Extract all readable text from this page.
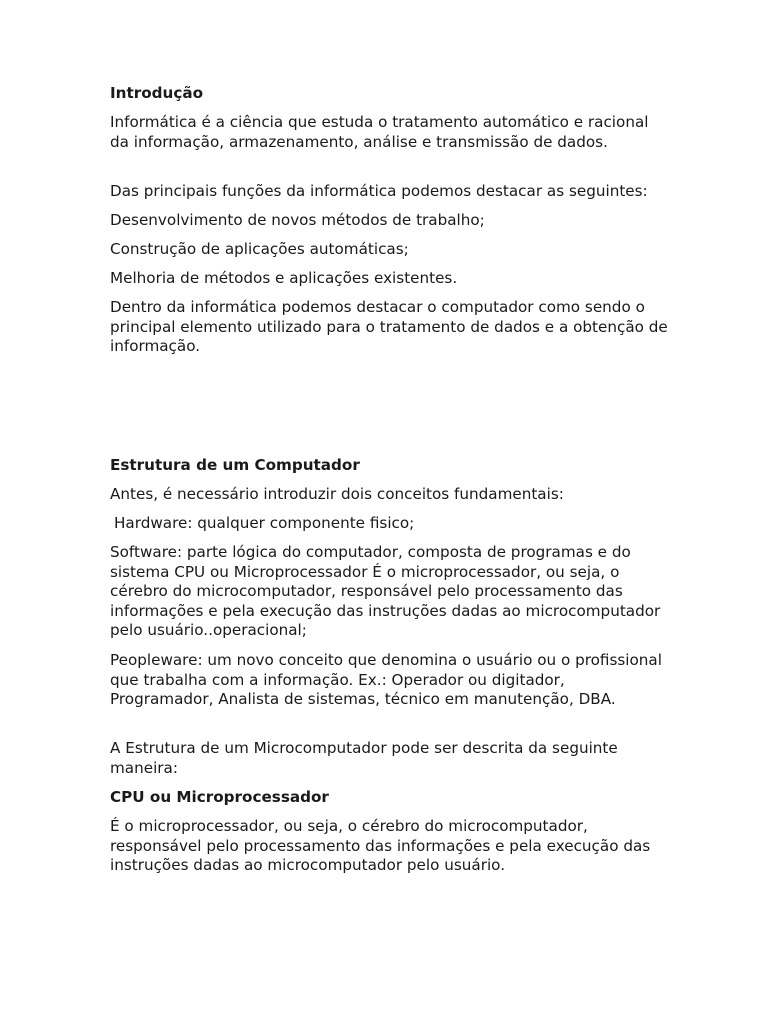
Introdução

Informática é a ciência que estuda o tratamento automático e racional da informação, armazenamento, análise e transmissão de dados.

Das principais funções da informática podemos destacar as seguintes:

Desenvolvimento de novos métodos de trabalho;

Construção de aplicações automáticas;

Melhoria de métodos e aplicações existentes.

Dentro da informática podemos destacar o computador como sendo o principal elemento utilizado para o tratamento de dados e a obtenção de informação.

Estrutura de um Computador

Antes, é necessário introduzir dois conceitos fundamentais:

Hardware: qualquer componente fisico;

Software: parte lógica do computador, composta de programas e do sistema CPU ou Microprocessador É o microprocessador, ou seja, o cérebro do microcomputador, responsável pelo processamento das informações e pela execução das instruções dadas ao microcomputador pelo usuário..operacional;

Peopleware: um novo conceito que denomina o usuário ou o profissional que trabalha com a informação. Ex.: Operador ou digitador, Programador, Analista de sistemas, técnico em manutenção, DBA.

A Estrutura de um Microcomputador pode ser descrita da seguinte maneira:

CPU ou Microprocessador

É o microprocessador, ou seja, o cérebro do microcomputador, responsável pelo processamento das informações e pela execução das instruções dadas ao microcomputador pelo usuário.
